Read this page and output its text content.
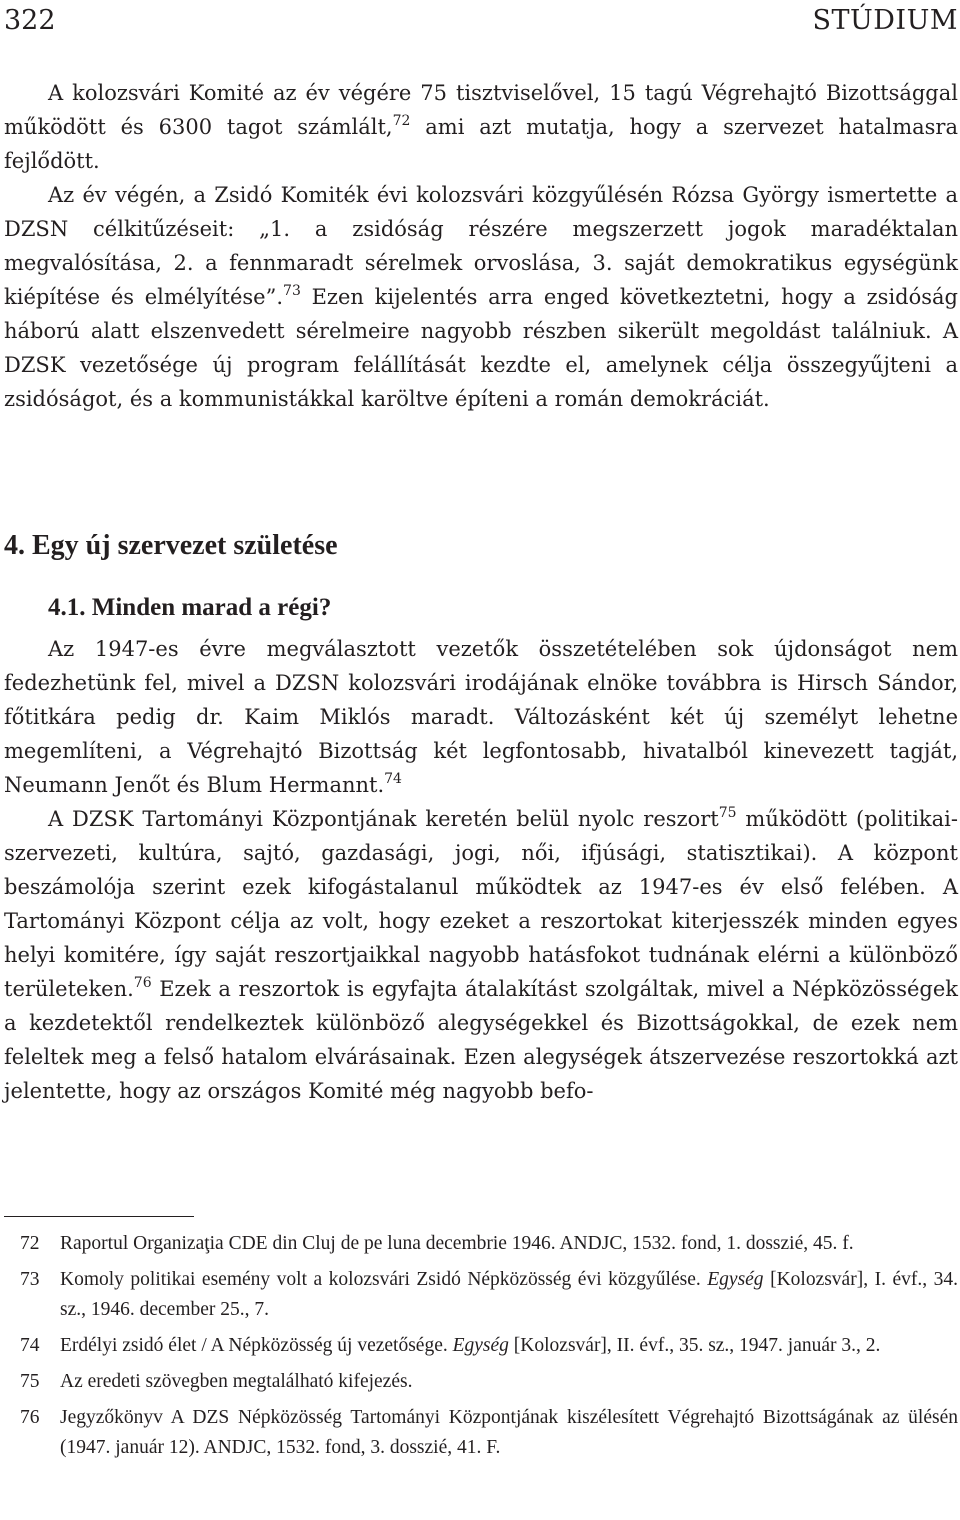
322	STÚDIUM

A kolozsvári Komité az év végére 75 tisztviselővel, 15 tagú Végrehajtó Bizottsággal működött és 6300 tagot számlált,$^{72}$ ami azt mutatja, hogy a szervezet hatalmasra fejlődött.

Az év végén, a Zsidó Komiték évi kolozsvári közgyűlésén Rózsa György ismertette a DZSN célkitűzéseit: „1. a zsidóság részére megszerzett jogok maradéktalan megvalósítása, 2. a fennmaradt sérelmek orvoslása, 3. saját demokratikus egységünk kiépítése és elmélyítése”.$^{73}$ Ezen kijelentés arra enged következtetni, hogy a zsidóság háború alatt elszenvedett sérelmeire nagyobb részben sikerült megoldást találniuk. A DZSK vezetősége új program felállítását kezdte el, amelynek célja összegyűjteni a zsidóságot, és a kommunistákkal karöltve építeni a román demokráciát.

4. Egy új szervezet születése
4.1. Minden marad a régi?

Az 1947-es évre megválasztott vezetők összetételében sok újdonságot nem fedezhetünk fel, mivel a DZSN kolozsvári irodájának elnöke továbbra is Hirsch Sándor, főtitkára pedig dr. Kaim Miklós maradt. Változásként két új személyt lehetne megemlíteni, a Végrehajtó Bizottság két legfontosabb, hivatalból kinevezett tagját, Neumann Jenőt és Blum Hermannt.$^{74}$

A DZSK Tartományi Központjának keretén belül nyolc reszort$^{75}$ működött (politikai-szervezeti, kultúra, sajtó, gazdasági, jogi, női, ifjúsági, statisztikai). A központ beszámolója szerint ezek kifogástalanul működtek az 1947-es év első felében. A Tartományi Központ célja az volt, hogy ezeket a reszortokat kiterjesszék minden egyes helyi komitére, így saját reszortjaikkal nagyobb hatásfokot tudnának elérni a különböző területeken.$^{76}$ Ezek a reszortok is egyfajta átalakítást szolgáltak, mivel a Népközösségek a kezdetektől rendelkeztek különböző alegységekkel és Bizottságokkal, de ezek nem feleltek meg a felső hatalom elvárásainak. Ezen alegységek átszervezése reszortokká azt jelentette, hogy az országos Komité még nagyobb befo-

72 Raportul Organizaţia CDE din Cluj de pe luna decembrie 1946. ANDJC, 1532. fond, 1. dosszié, 45. f.
73 Komoly politikai esemény volt a kolozsvári Zsidó Népközösség évi közgyűlése. Egység [Kolozsvár], I. évf., 34. sz., 1946. december 25., 7.
74 Erdélyi zsidó élet / A Népközösség új vezetősége. Egység [Kolozsvár], II. évf., 35. sz., 1947. január 3., 2.
75 Az eredeti szövegben megtalálható kifejezés.
76 Jegyzőkönyv A DZS Népközösség Tartományi Központjának kiszélesített Végrehajtó Bizottságának az ülésén (1947. január 12). ANDJC, 1532. fond, 3. dosszié, 41. F.
